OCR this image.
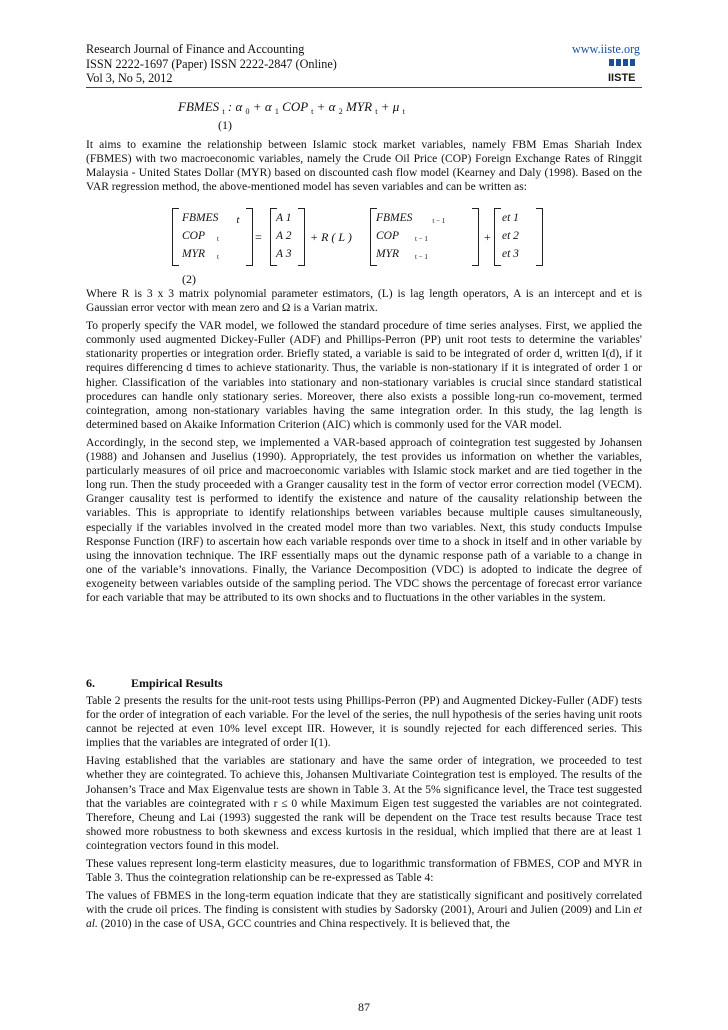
Research Journal of Finance and Accounting
ISSN 2222-1697 (Paper) ISSN 2222-2847 (Online)
Vol 3, No 5, 2012
www.iiste.org
IISTE
FBMES $_t$ : α $_0$ + α $_1$ COP $_t$ + α $_2$ MYR $_t$ + μ $_t$
(1)

It aims to examine the relationship between Islamic stock market variables, namely FBM Emas Shariah Index (FBMES) with two macroeconomic variables, namely the Crude Oil Price (COP) Foreign Exchange Rates of Ringgit Malaysia - United States Dollar (MYR) based on discounted cash flow model (Kearney and Daly (1998). Based on the VAR regression method, the above-mentioned model has seven variables and can be written as:

FBMES t
COP t
MYR t
=
A 1
A 2
A 3
+ R ( L )
FBMES	t − 1
COP t − 1
MYR t − 1
+
et 1
et 2
et 3
(2)

Where R is 3 x 3 matrix polynomial parameter estimators, (L) is lag length operators, A is an intercept and et is Gaussian error vector with mean zero and Ω is a Varian matrix.

To properly specify the VAR model, we followed the standard procedure of time series analyses. First, we applied the commonly used augmented Dickey-Fuller (ADF) and Phillips-Perron (PP) unit root tests to determine the variables' stationarity properties or integration order. Briefly stated, a variable is said to be integrated of order d, written I(d), if it requires differencing d times to achieve stationarity. Thus, the variable is non-stationary if it is integrated of order 1 or higher. Classification of the variables into stationary and non-stationary variables is crucial since standard statistical procedures can handle only stationary series. Moreover, there also exists a possible long-run co-movement, termed cointegration, among non-stationary variables having the same integration order. In this study, the lag length is determined based on Akaike Information Criterion (AIC) which is commonly used for the VAR model.

Accordingly, in the second step, we implemented a VAR-based approach of cointegration test suggested by Johansen (1988) and Johansen and Juselius (1990). Appropriately, the test provides us information on whether the variables, particularly measures of oil price and macroeconomic variables with Islamic stock market and are tied together in the long run. Then the study proceeded with a Granger causality test in the form of vector error correction model (VECM). Granger causality test is performed to identify the existence and nature of the causality relationship between the variables. This is appropriate to identify relationships between variables because multiple causes simultaneously, especially if the variables involved in the created model more than two variables. Next, this study conducts Impulse Response Function (IRF) to ascertain how each variable responds over time to a shock in itself and in other variable by using the innovation technique. The IRF essentially maps out the dynamic response path of a variable to a change in one of the variable’s innovations. Finally, the Variance Decomposition (VDC) is adopted to indicate the degree of exogeneity between variables outside of the sampling period. The VDC shows the percentage of forecast error variance for each variable that may be attributed to its own shocks and to fluctuations in the other variables in the system.

6.	Empirical Results

Table 2 presents the results for the unit-root tests using Phillips-Perron (PP) and Augmented Dickey-Fuller (ADF) tests for the order of integration of each variable. For the level of the series, the null hypothesis of the series having unit roots cannot be rejected at even 10% level except IIR. However, it is soundly rejected for each differenced series. This implies that the variables are integrated of order I(1).

Having established that the variables are stationary and have the same order of integration, we proceeded to test whether they are cointegrated. To achieve this, Johansen Multivariate Cointegration test is employed. The results of the Johansen’s Trace and Max Eigenvalue tests are shown in Table 3. At the 5% significance level, the Trace test suggested that the variables are cointegrated with r ≤ 0 while Maximum Eigen test suggested the variables are not cointegrated. Therefore, Cheung and Lai (1993) suggested the rank will be dependent on the Trace test results because Trace test showed more robustness to both skewness and excess kurtosis in the residual, which implied that there are at least 1 cointegration vectors found in this model.

These values represent long-term elasticity measures, due to logarithmic transformation of FBMES, COP and MYR in Table 3. Thus the cointegration relationship can be re-expressed as Table 4:

The values of FBMES in the long-term equation indicate that they are statistically significant and positively correlated with the crude oil prices. The finding is consistent with studies by Sadorsky (2001), Arouri and Julien (2009) and Lin et al. (2010) in the case of USA, GCC countries and China respectively. It is believed that, the

87
